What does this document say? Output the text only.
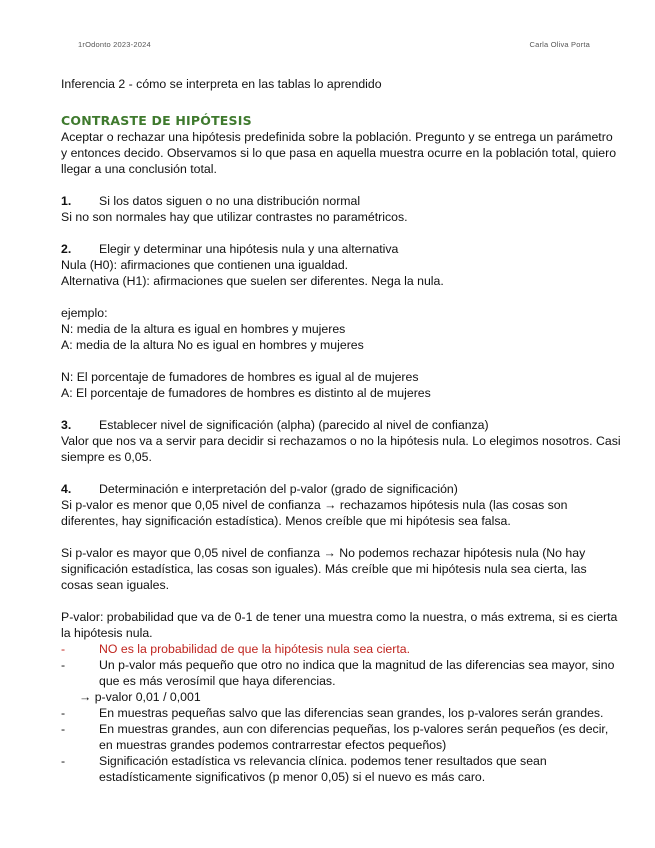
1rOdonto 2023-2024	Carla Oliva Porta

Inferencia 2 - cómo se interpreta en las tablas lo aprendido

CONTRASTE DE HIPÓTESIS

Aceptar o rechazar una hipótesis predefinida sobre la población. Pregunto y se entrega un parámetro y entonces decido. Observamos si lo que pasa en aquella muestra ocurre en la población total, quiero llegar a una conclusión total.

1.	Si los datos siguen o no una distribución normal

Si no son normales hay que utilizar contrastes no paramétricos.

2.	Elegir y determinar una hipótesis nula y una alternativa

Nula (H0): afirmaciones que contienen una igualdad.

Alternativa (H1): afirmaciones que suelen ser diferentes. Nega la nula.

ejemplo:

N: media de la altura es igual en hombres y mujeres

A: media de la altura No es igual en hombres y mujeres

N: El porcentaje de fumadores de hombres es igual al de mujeres

A: El porcentaje de fumadores de hombres es distinto al de mujeres

3.	Establecer nivel de significación (alpha) (parecido al nivel de confianza)

Valor que nos va a servir para decidir si rechazamos o no la hipótesis nula. Lo elegimos nosotros. Casi siempre es 0,05.

4.	Determinación e interpretación del p-valor (grado de significación)

Si p-valor es menor que 0,05 nivel de confianza → rechazamos hipótesis nula (las cosas son diferentes, hay significación estadística). Menos creíble que mi hipótesis sea falsa.

Si p-valor es mayor que 0,05 nivel de confianza → No podemos rechazar hipótesis nula (No hay significación estadística, las cosas son iguales). Más creíble que mi hipótesis nula sea cierta, las cosas sean iguales.

P-valor: probabilidad que va de 0-1 de tener una muestra como la nuestra, o más extrema, si es cierta la hipótesis nula.

-	NO es la probabilidad de que la hipótesis nula sea cierta.
-	Un p-valor más pequeño que otro no indica que la magnitud de las diferencias sea mayor, sino que es más verosímil que haya diferencias.

→ p-valor 0,01 / 0,001

-	En muestras pequeñas salvo que las diferencias sean grandes, los p-valores serán grandes.
-	En muestras grandes, aun con diferencias pequeñas, los p-valores serán pequeños (es decir, en muestras grandes podemos contrarrestar efectos pequeños)
-	Significación estadística vs relevancia clínica. podemos tener resultados que sean estadísticamente significativos (p menor 0,05) si el nuevo es más caro.
